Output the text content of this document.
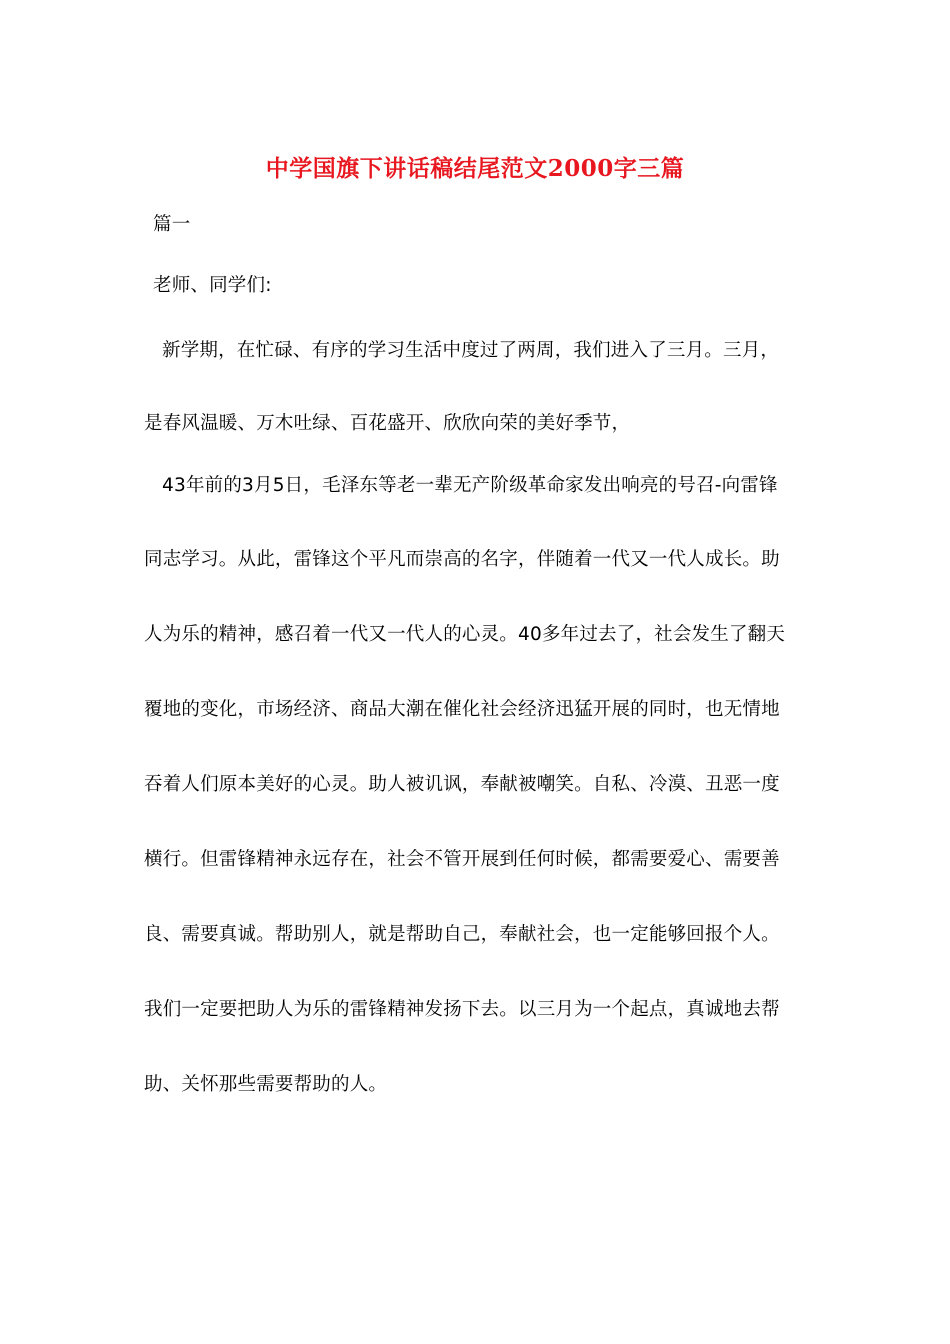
中学国旗下讲话稿结尾范文2000字三篇
篇一
老师、同学们:
新学期，在忙碌、有序的学习生活中度过了两周，我们进入了三月。三月，
是春风温暖、万木吐绿、百花盛开、欣欣向荣的美好季节，
43年前的3月5日，毛泽东等老一辈无产阶级革命家发出响亮的号召-向雷锋
同志学习。从此，雷锋这个平凡而崇高的名字，伴随着一代又一代人成长。助
人为乐的精神，感召着一代又一代人的心灵。40多年过去了，社会发生了翻天
覆地的变化，市场经济、商品大潮在催化社会经济迅猛开展的同时，也无情地
吞着人们原本美好的心灵。助人被讥讽，奉献被嘲笑。自私、冷漠、丑恶一度
横行。但雷锋精神永远存在，社会不管开展到任何时候，都需要爱心、需要善
良、需要真诚。帮助别人，就是帮助自己，奉献社会，也一定能够回报个人。
我们一定要把助人为乐的雷锋精神发扬下去。以三月为一个起点，真诚地去帮
助、关怀那些需要帮助的人。
